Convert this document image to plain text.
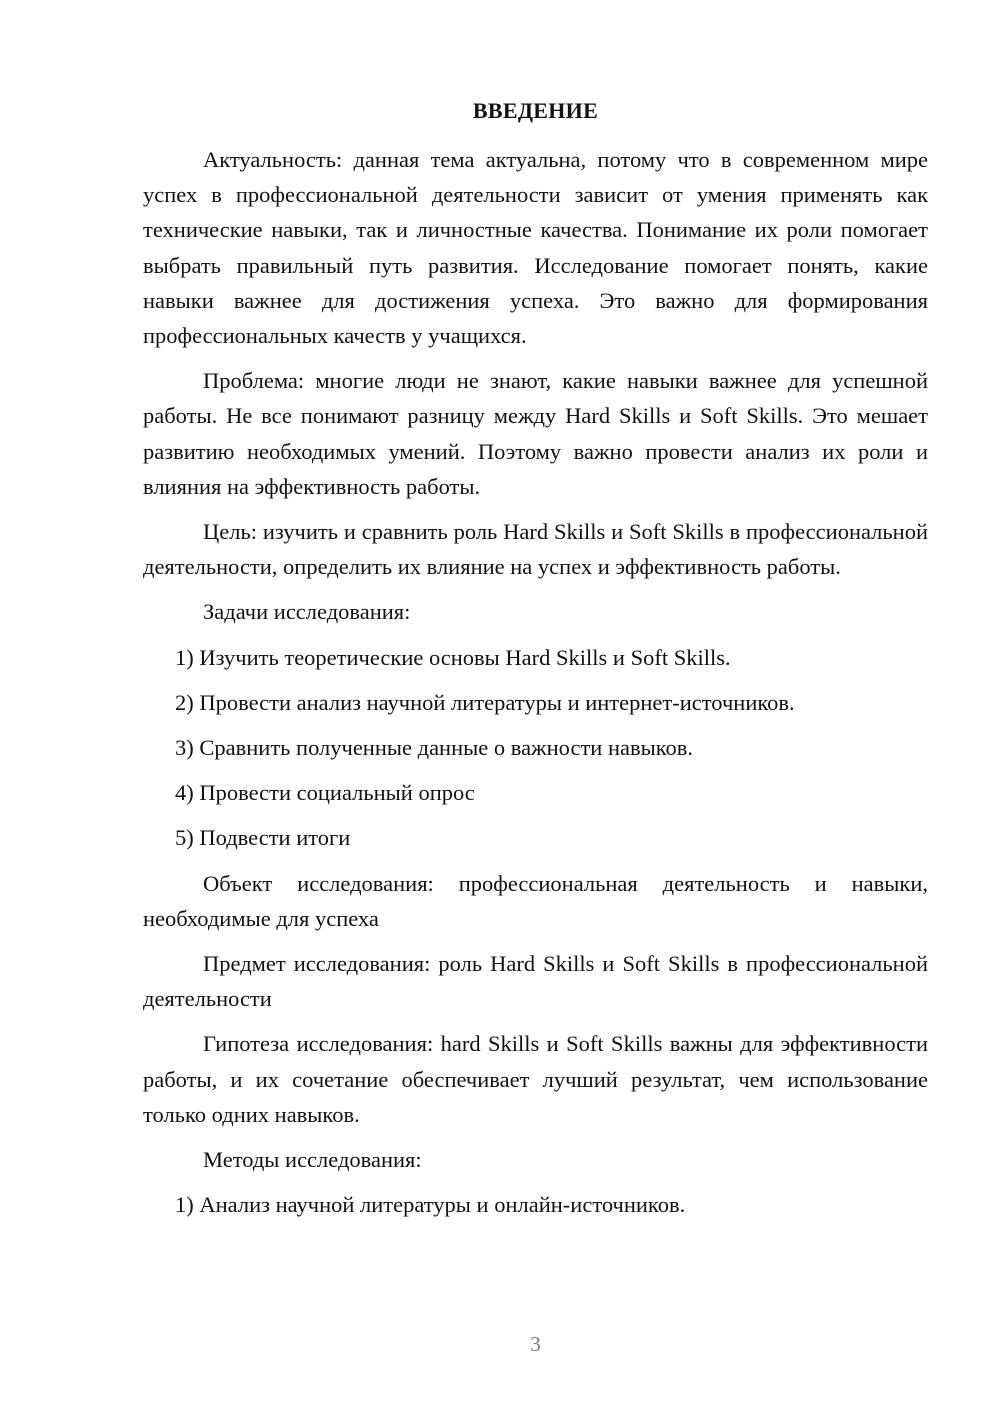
ВВЕДЕНИЕ

Актуальность: данная тема актуальна, потому что в современном мире успех в профессиональной деятельности зависит от умения применять как технические навыки, так и личностные качества. Понимание их роли помогает выбрать правильный путь развития. Исследование помогает понять, какие навыки важнее для достижения успеха. Это важно для формирования профессиональных качеств у учащихся.

Проблема: многие люди не знают, какие навыки важнее для успешной работы. Не все понимают разницу между Hard Skills и Soft Skills. Это мешает развитию необходимых умений. Поэтому важно провести анализ их роли и влияния на эффективность работы.

Цель: изучить и сравнить роль Hard Skills и Soft Skills в профессиональной деятельности, определить их влияние на успех и эффективность работы.

Задачи исследования:

1) Изучить теоретические основы Hard Skills и Soft Skills.
2) Провести анализ научной литературы и интернет-источников.
3) Сравнить полученные данные о важности навыков.
4) Провести социальный опрос
5) Подвести итоги

Объект исследования: профессиональная деятельность и навыки, необходимые для успеха

Предмет исследования: роль Hard Skills и Soft Skills в профессиональной деятельности

Гипотеза исследования: hard Skills и Soft Skills важны для эффективности работы, и их сочетание обеспечивает лучший результат, чем использование только одних навыков.

Методы исследования:

1) Анализ научной литературы и онлайн-источников.
3
